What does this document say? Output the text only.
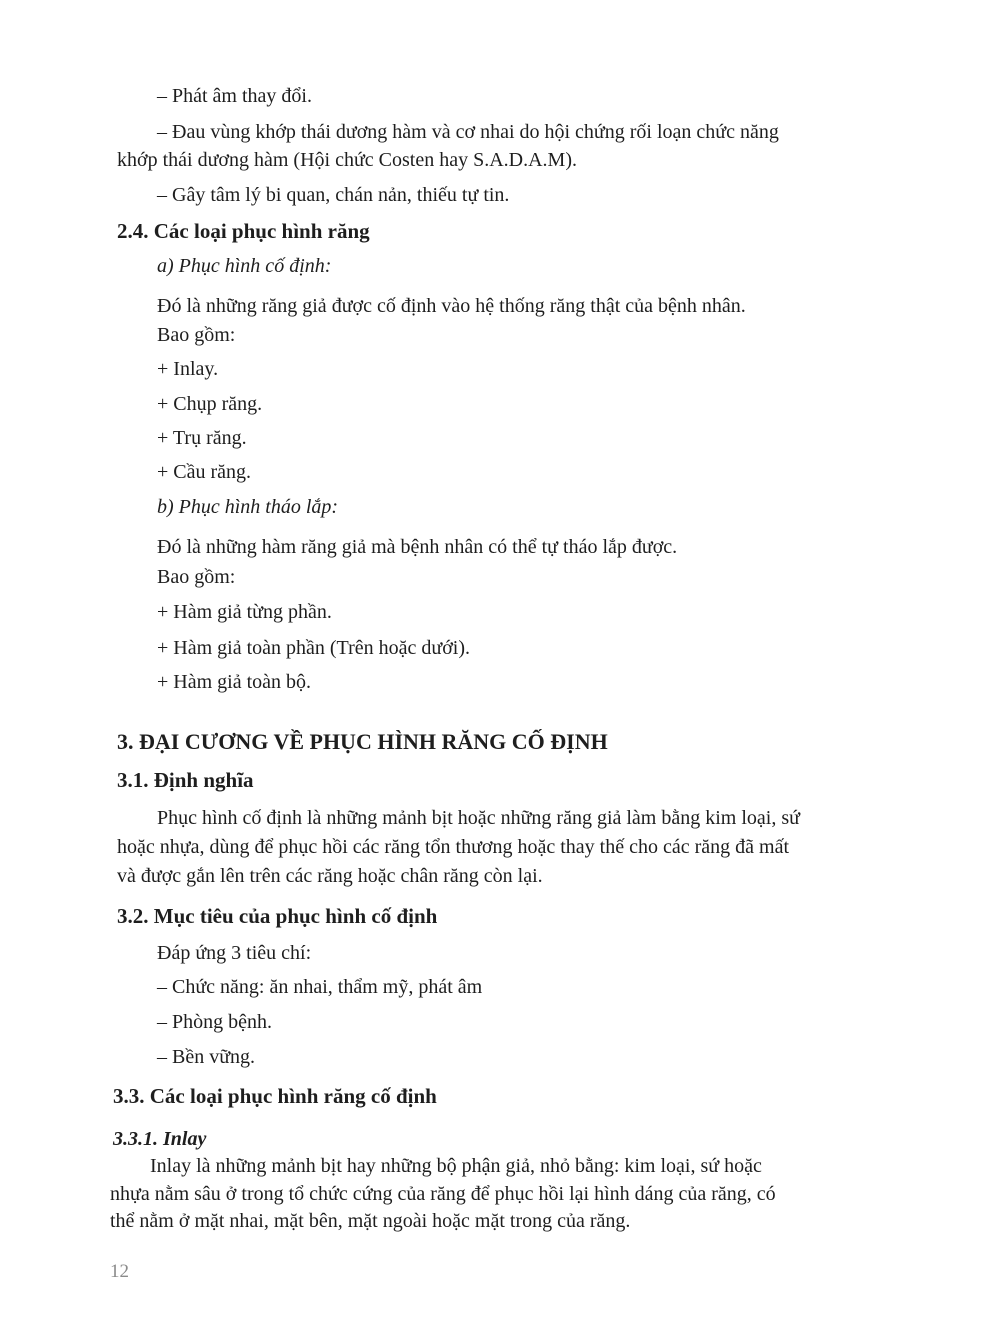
– Phát âm thay đổi.
– Đau vùng khớp thái dương hàm và cơ nhai do hội chứng rối loạn chức năng
khớp thái dương hàm (Hội chức Costen hay S.A.D.A.M).
– Gây tâm lý bi quan, chán nản, thiếu tự tin.
2.4. Các loại phục hình răng
a) Phục hình cố định:
Đó là những răng giả được cố định vào hệ thống răng thật của bệnh nhân.
Bao gồm:
+ Inlay.
+ Chụp răng.
+ Trụ răng.
+ Cầu răng.
b) Phục hình tháo lắp:
Đó là những hàm răng giả mà bệnh nhân có thể tự tháo lắp được.
Bao gồm:
+ Hàm giả từng phần.
+ Hàm giả toàn phần (Trên hoặc dưới).
+ Hàm giả toàn bộ.
3. ĐẠI CƯƠNG VỀ PHỤC HÌNH RĂNG CỐ ĐỊNH
3.1. Định nghĩa
Phục hình cố định là những mảnh bịt hoặc những răng giả làm bằng kim loại, sứ
hoặc nhựa, dùng để phục hồi các răng tổn thương hoặc thay thế cho các răng đã mất
và được gắn lên trên các răng hoặc chân răng còn lại.
3.2. Mục tiêu của phục hình cố định
Đáp ứng 3 tiêu chí:
– Chức năng: ăn nhai, thẩm mỹ, phát âm
– Phòng bệnh.
– Bền vững.
3.3. Các loại phục hình răng cố định
3.3.1. Inlay
Inlay là những mảnh bịt hay những bộ phận giả, nhỏ bằng: kim loại, sứ hoặc
nhựa nằm sâu ở trong tổ chức cứng của răng để phục hồi lại hình dáng của răng, có
thể nằm ở mặt nhai, mặt bên, mặt ngoài hoặc mặt trong của răng.
12
